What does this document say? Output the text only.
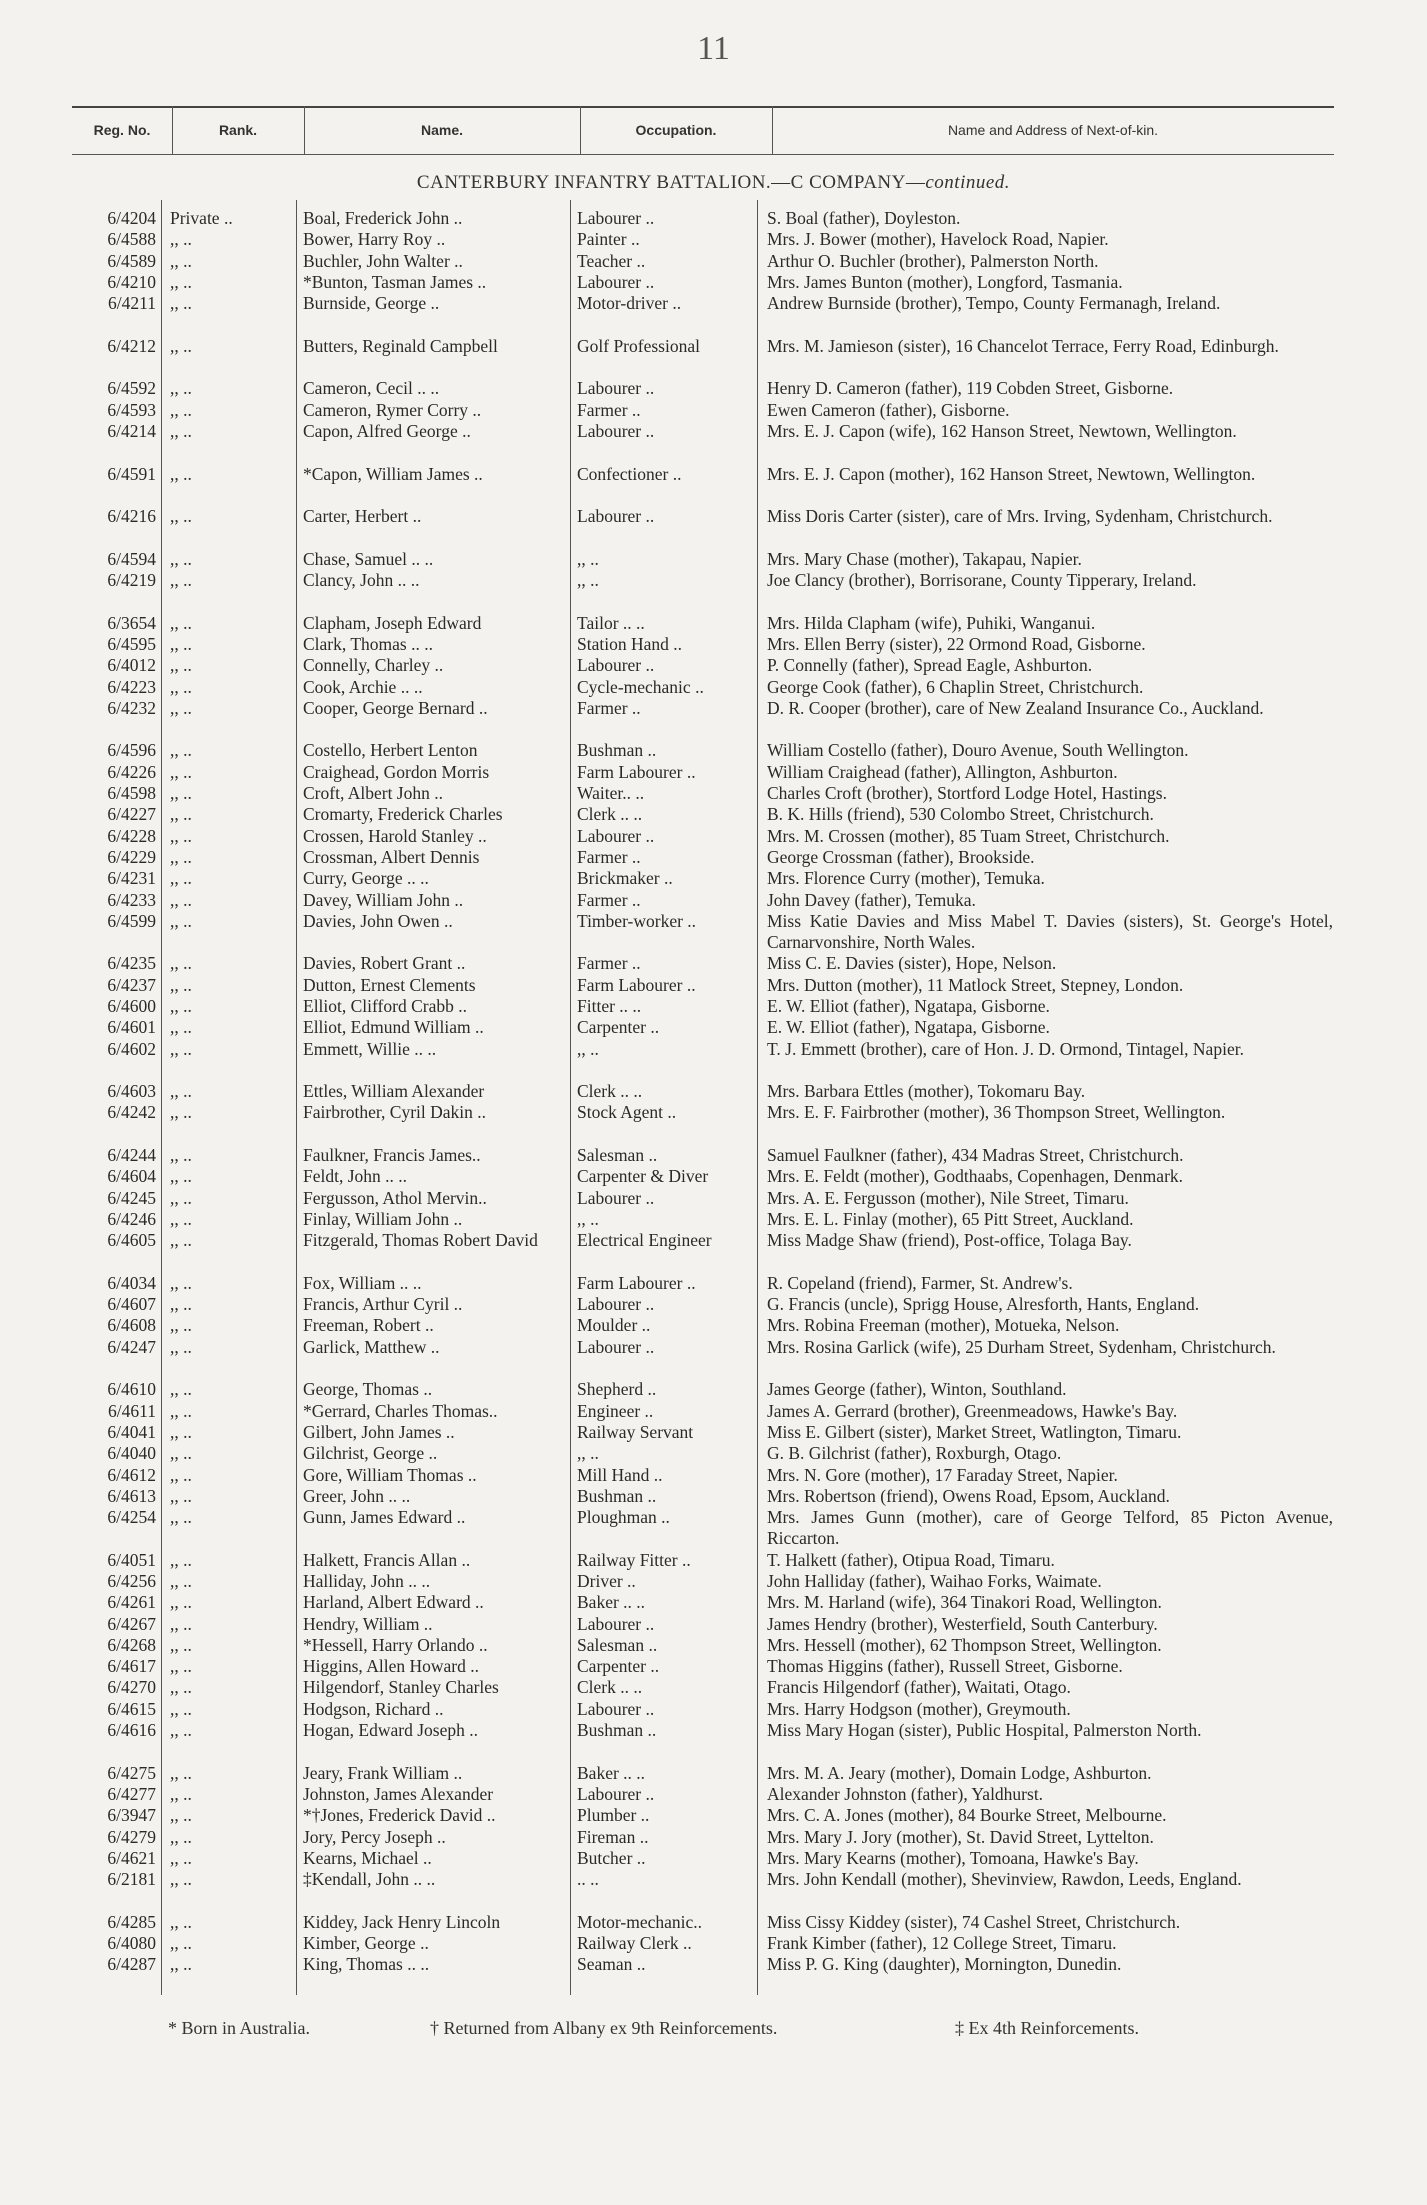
11
Reg. No.	Rank.	Name.	Occupation.	Name and Address of Next-of-kin.
CANTERBURY INFANTRY BATTALION.—C COMPANY—continued.
6/4204 Private ..	Boal, Frederick John ..	Labourer ..	S. Boal (father), Doyleston.
6/4588 ,, ..	Bower, Harry Roy ..	Painter ..	Mrs. J. Bower (mother), Havelock Road, Napier.
6/4589 ,, ..	Buchler, John Walter ..	Teacher ..	Arthur O. Buchler (brother), Palmerston North.
6/4210 ,, ..	*Bunton, Tasman James ..	Labourer ..	Mrs. James Bunton (mother), Longford, Tasmania.
6/4211 ,, ..	Burnside, George ..	Motor-driver ..	Andrew Burnside (brother), Tempo, County Fermanagh, Ireland.
6/4212 ,, ..	Butters, Reginald Campbell	Golf Professional	Mrs. M. Jamieson (sister), 16 Chancelot Terrace, Ferry Road, Edinburgh.
6/4592 ,, ..	Cameron, Cecil .. ..	Labourer ..	Henry D. Cameron (father), 119 Cobden Street, Gisborne.
6/4593 ,, ..	Cameron, Rymer Corry ..	Farmer ..	Ewen Cameron (father), Gisborne.
6/4214 ,, ..	Capon, Alfred George ..	Labourer ..	Mrs. E. J. Capon (wife), 162 Hanson Street, Newtown, Wellington.
6/4591 ,, ..	*Capon, William James ..	Confectioner ..	Mrs. E. J. Capon (mother), 162 Hanson Street, Newtown, Wellington.
6/4216 ,, ..	Carter, Herbert ..	Labourer ..	Miss Doris Carter (sister), care of Mrs. Irving, Sydenham, Christchurch.
6/4594 ,, ..	Chase, Samuel .. ..	,, ..	Mrs. Mary Chase (mother), Takapau, Napier.
6/4219 ,, ..	Clancy, John .. ..	,, ..	Joe Clancy (brother), Borrisorane, County Tipperary, Ireland.
6/3654 ,, ..	Clapham, Joseph Edward	Tailor .. ..	Mrs. Hilda Clapham (wife), Puhiki, Wanganui.
6/4595 ,, ..	Clark, Thomas .. ..	Station Hand ..	Mrs. Ellen Berry (sister), 22 Ormond Road, Gisborne.
6/4012 ,, ..	Connelly, Charley ..	Labourer ..	P. Connelly (father), Spread Eagle, Ashburton.
6/4223 ,, ..	Cook, Archie .. ..	Cycle-mechanic ..	George Cook (father), 6 Chaplin Street, Christchurch.
6/4232 ,, ..	Cooper, George Bernard ..	Farmer ..	D. R. Cooper (brother), care of New Zealand Insurance Co., Auckland.
6/4596 ,, ..	Costello, Herbert Lenton	Bushman ..	William Costello (father), Douro Avenue, South Wellington.
6/4226 ,, ..	Craighead, Gordon Morris	Farm Labourer ..	William Craighead (father), Allington, Ashburton.
6/4598 ,, ..	Croft, Albert John ..	Waiter.. ..	Charles Croft (brother), Stortford Lodge Hotel, Hastings.
6/4227 ,, ..	Cromarty, Frederick Charles	Clerk .. ..	B. K. Hills (friend), 530 Colombo Street, Christchurch.
6/4228 ,, ..	Crossen, Harold Stanley ..	Labourer ..	Mrs. M. Crossen (mother), 85 Tuam Street, Christchurch.
6/4229 ,, ..	Crossman, Albert Dennis	Farmer ..	George Crossman (father), Brookside.
6/4231 ,, ..	Curry, George .. ..	Brickmaker ..	Mrs. Florence Curry (mother), Temuka.
6/4233 ,, ..	Davey, William John ..	Farmer ..	John Davey (father), Temuka.
6/4599 ,, ..	Davies, John Owen ..	Timber-worker ..	Miss Katie Davies and Miss Mabel T. Davies (sisters), St. George's Hotel, Carnarvonshire, North Wales.
6/4235 ,, ..	Davies, Robert Grant ..	Farmer ..	Miss C. E. Davies (sister), Hope, Nelson.
6/4237 ,, ..	Dutton, Ernest Clements	Farm Labourer ..	Mrs. Dutton (mother), 11 Matlock Street, Stepney, London.
6/4600 ,, ..	Elliot, Clifford Crabb ..	Fitter .. ..	E. W. Elliot (father), Ngatapa, Gisborne.
6/4601 ,, ..	Elliot, Edmund William ..	Carpenter ..	E. W. Elliot (father), Ngatapa, Gisborne.
6/4602 ,, ..	Emmett, Willie .. ..	,, ..	T. J. Emmett (brother), care of Hon. J. D. Ormond, Tintagel, Napier.
6/4603 ,, ..	Ettles, William Alexander	Clerk .. ..	Mrs. Barbara Ettles (mother), Tokomaru Bay.
6/4242 ,, ..	Fairbrother, Cyril Dakin ..	Stock Agent ..	Mrs. E. F. Fairbrother (mother), 36 Thompson Street, Wellington.
6/4244 ,, ..	Faulkner, Francis James..	Salesman ..	Samuel Faulkner (father), 434 Madras Street, Christchurch.
6/4604 ,, ..	Feldt, John .. ..	Carpenter & Diver	Mrs. E. Feldt (mother), Godthaabs, Copenhagen, Denmark.
6/4245 ,, ..	Fergusson, Athol Mervin..	Labourer ..	Mrs. A. E. Fergusson (mother), Nile Street, Timaru.
6/4246 ,, ..	Finlay, William John ..	,, ..	Mrs. E. L. Finlay (mother), 65 Pitt Street, Auckland.
6/4605 ,, ..	Fitzgerald, Thomas Robert David	Electrical Engineer	Miss Madge Shaw (friend), Post-office, Tolaga Bay.
6/4034 ,, ..	Fox, William .. ..	Farm Labourer ..	R. Copeland (friend), Farmer, St. Andrew's.
6/4607 ,, ..	Francis, Arthur Cyril ..	Labourer ..	G. Francis (uncle), Sprigg House, Alresforth, Hants, England.
6/4608 ,, ..	Freeman, Robert ..	Moulder ..	Mrs. Robina Freeman (mother), Motueka, Nelson.
6/4247 ,, ..	Garlick, Matthew ..	Labourer ..	Mrs. Rosina Garlick (wife), 25 Durham Street, Sydenham, Christchurch.
6/4610 ,, ..	George, Thomas ..	Shepherd ..	James George (father), Winton, Southland.
6/4611 ,, ..	*Gerrard, Charles Thomas..	Engineer ..	James A. Gerrard (brother), Greenmeadows, Hawke's Bay.
6/4041 ,, ..	Gilbert, John James ..	Railway Servant	Miss E. Gilbert (sister), Market Street, Watlington, Timaru.
6/4040 ,, ..	Gilchrist, George ..	,, ..	G. B. Gilchrist (father), Roxburgh, Otago.
6/4612 ,, ..	Gore, William Thomas ..	Mill Hand ..	Mrs. N. Gore (mother), 17 Faraday Street, Napier.
6/4613 ,, ..	Greer, John .. ..	Bushman ..	Mrs. Robertson (friend), Owens Road, Epsom, Auckland.
6/4254 ,, ..	Gunn, James Edward ..	Ploughman ..	Mrs. James Gunn (mother), care of George Telford, 85 Picton Avenue, Riccarton.
6/4051 ,, ..	Halkett, Francis Allan ..	Railway Fitter ..	T. Halkett (father), Otipua Road, Timaru.
6/4256 ,, ..	Halliday, John .. ..	Driver ..	John Halliday (father), Waihao Forks, Waimate.
6/4261 ,, ..	Harland, Albert Edward ..	Baker .. ..	Mrs. M. Harland (wife), 364 Tinakori Road, Wellington.
6/4267 ,, ..	Hendry, William ..	Labourer ..	James Hendry (brother), Westerfield, South Canterbury.
6/4268 ,, ..	*Hessell, Harry Orlando ..	Salesman ..	Mrs. Hessell (mother), 62 Thompson Street, Wellington.
6/4617 ,, ..	Higgins, Allen Howard ..	Carpenter ..	Thomas Higgins (father), Russell Street, Gisborne.
6/4270 ,, ..	Hilgendorf, Stanley Charles	Clerk .. ..	Francis Hilgendorf (father), Waitati, Otago.
6/4615 ,, ..	Hodgson, Richard ..	Labourer ..	Mrs. Harry Hodgson (mother), Greymouth.
6/4616 ,, ..	Hogan, Edward Joseph ..	Bushman ..	Miss Mary Hogan (sister), Public Hospital, Palmerston North.
6/4275 ,, ..	Jeary, Frank William ..	Baker .. ..	Mrs. M. A. Jeary (mother), Domain Lodge, Ashburton.
6/4277 ,, ..	Johnston, James Alexander	Labourer ..	Alexander Johnston (father), Yaldhurst.
6/3947 ,, ..	*†Jones, Frederick David ..	Plumber ..	Mrs. C. A. Jones (mother), 84 Bourke Street, Melbourne.
6/4279 ,, ..	Jory, Percy Joseph ..	Fireman ..	Mrs. Mary J. Jory (mother), St. David Street, Lyttelton.
6/4621 ,, ..	Kearns, Michael ..	Butcher ..	Mrs. Mary Kearns (mother), Tomoana, Hawke's Bay.
6/2181 ,, ..	‡Kendall, John .. ..	.. ..	Mrs. John Kendall (mother), Shevinview, Rawdon, Leeds, England.
6/4285 ,, ..	Kiddey, Jack Henry Lincoln	Motor-mechanic..	Miss Cissy Kiddey (sister), 74 Cashel Street, Christchurch.
6/4080 ,, ..	Kimber, George ..	Railway Clerk ..	Frank Kimber (father), 12 College Street, Timaru.
6/4287 ,, ..	King, Thomas .. ..	Seaman ..	Miss P. G. King (daughter), Mornington, Dunedin.
* Born in Australia.	† Returned from Albany ex 9th Reinforcements.	‡ Ex 4th Reinforcements.
